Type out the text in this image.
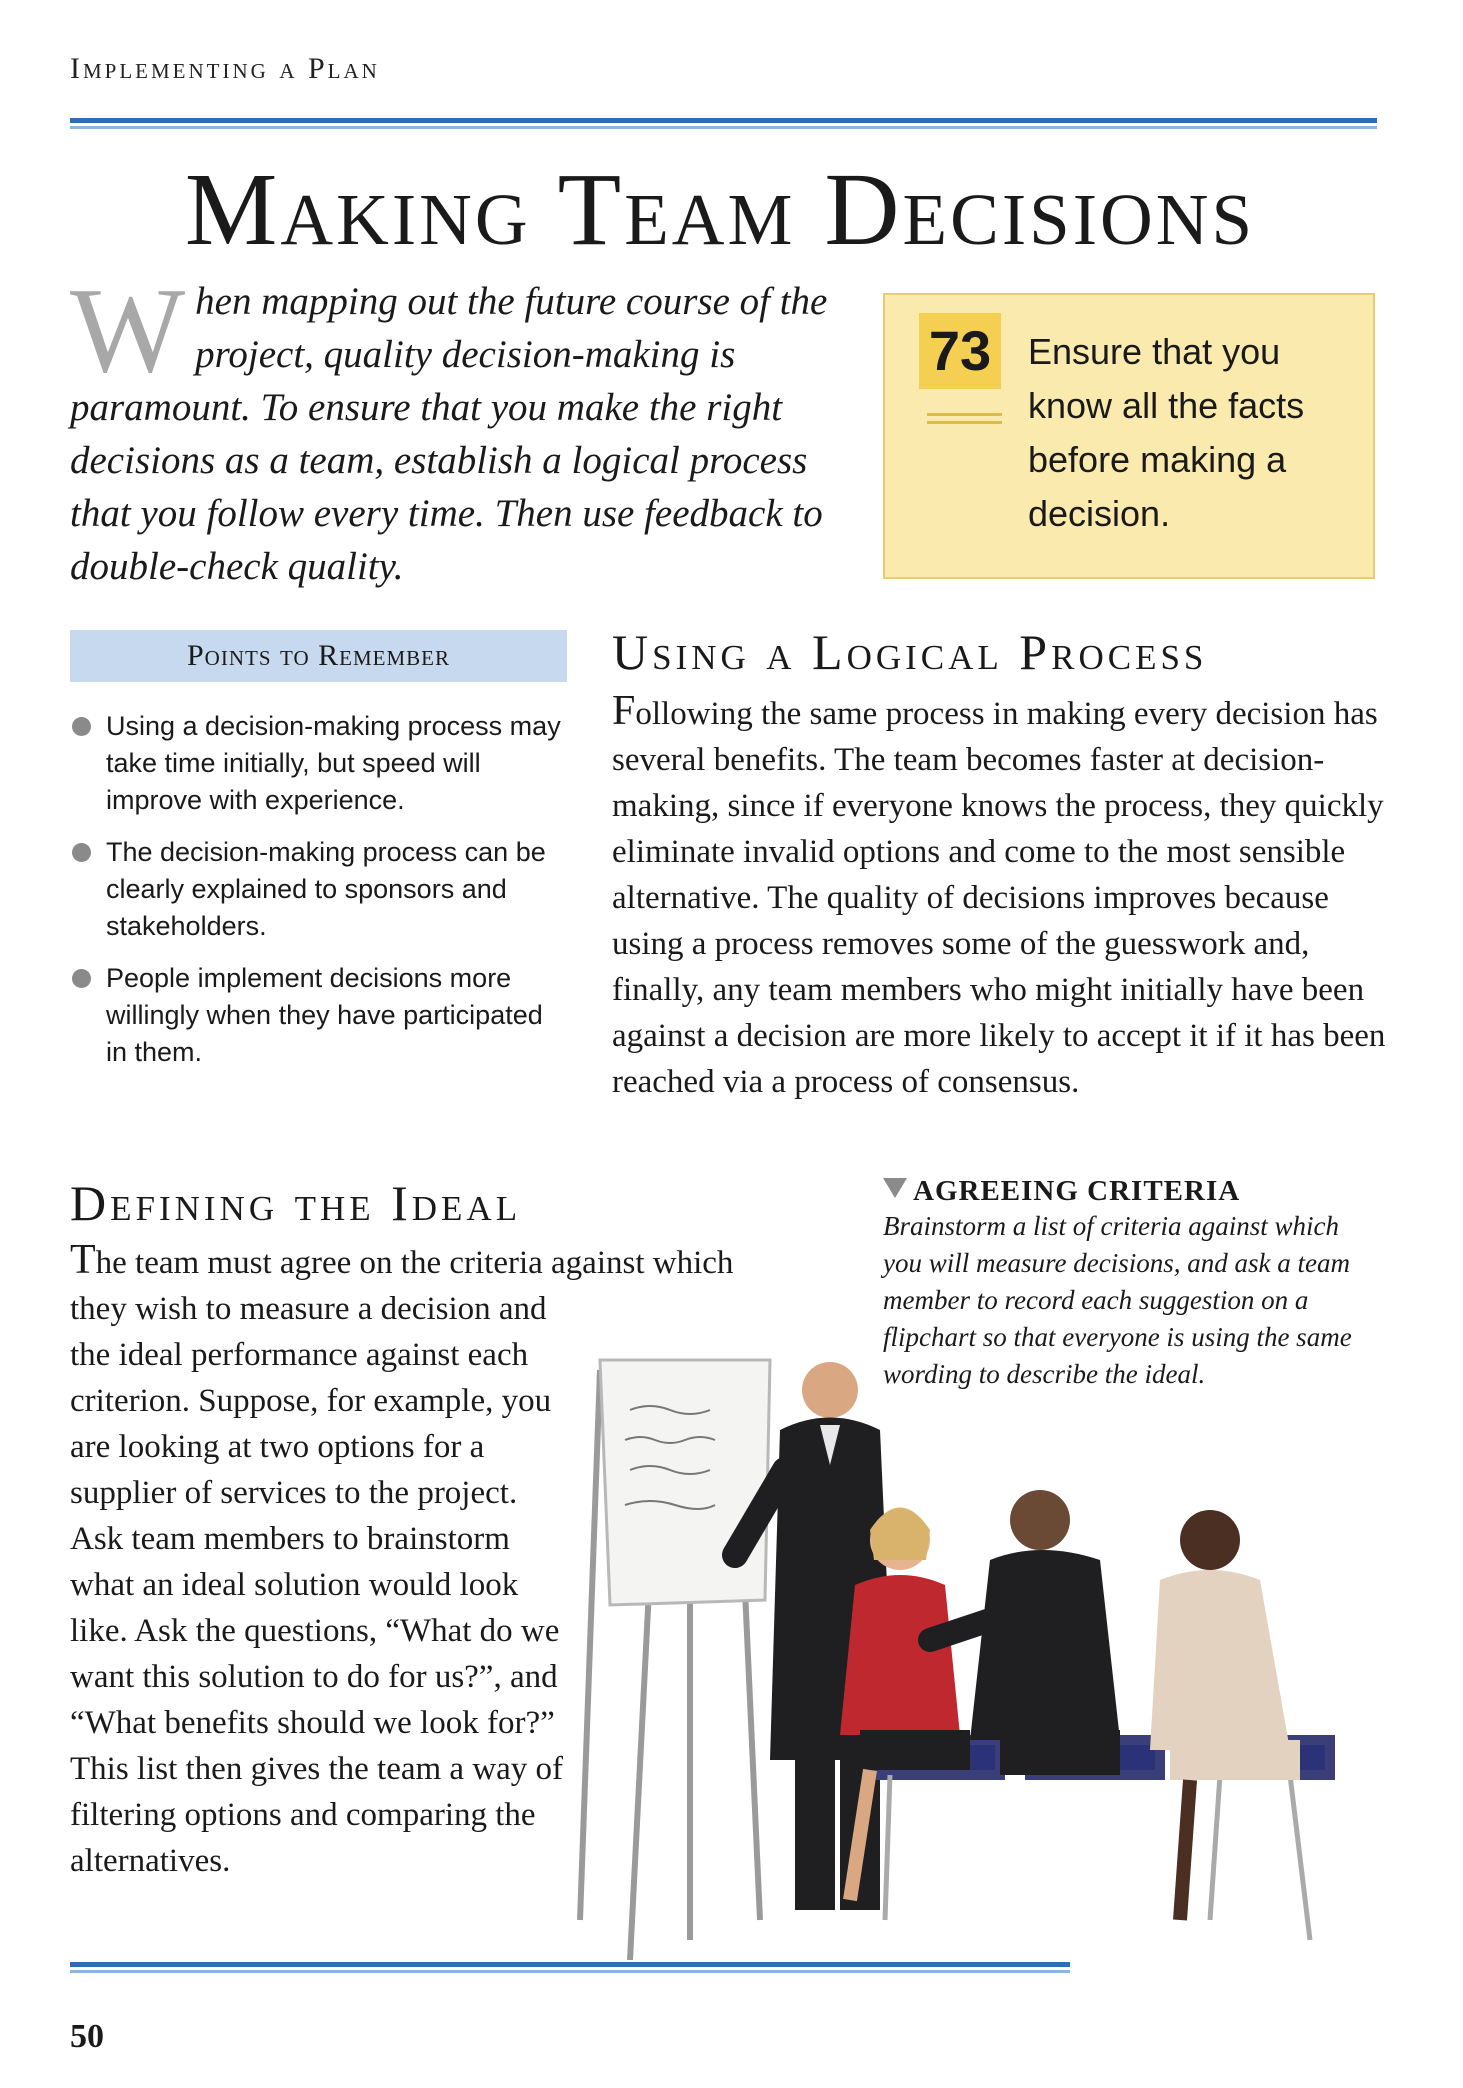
Implementing a Plan
Making Team Decisions
When mapping out the future course of the project, quality decision-making is paramount. To ensure that you make the right decisions as a team, establish a logical process that you follow every time. Then use feedback to double-check quality.
73 Ensure that you know all the facts before making a decision.
Points to Remember
Using a decision-making process may take time initially, but speed will improve with experience.
The decision-making process can be clearly explained to sponsors and stakeholders.
People implement decisions more willingly when they have participated in them.
Using a Logical Process
Following the same process in making every decision has several benefits. The team becomes faster at decision-making, since if everyone knows the process, they quickly eliminate invalid options and come to the most sensible alternative. The quality of decisions improves because using a process removes some of the guesswork and, finally, any team members who might initially have been against a decision are more likely to accept it if it has been reached via a process of consensus.
Defining the Ideal
The team must agree on the criteria against which they wish to measure a decision and the ideal performance against each criterion. Suppose, for example, you are looking at two options for a supplier of services to the project. Ask team members to brainstorm what an ideal solution would look like. Ask the questions, “What do we want this solution to do for us?”, and “What benefits should we look for?” This list then gives the team a way of filtering options and comparing the alternatives.
AGREEING CRITERIA
Brainstorm a list of criteria against which you will measure decisions, and ask a team member to record each suggestion on a flipchart so that everyone is using the same wording to describe the ideal.
50
